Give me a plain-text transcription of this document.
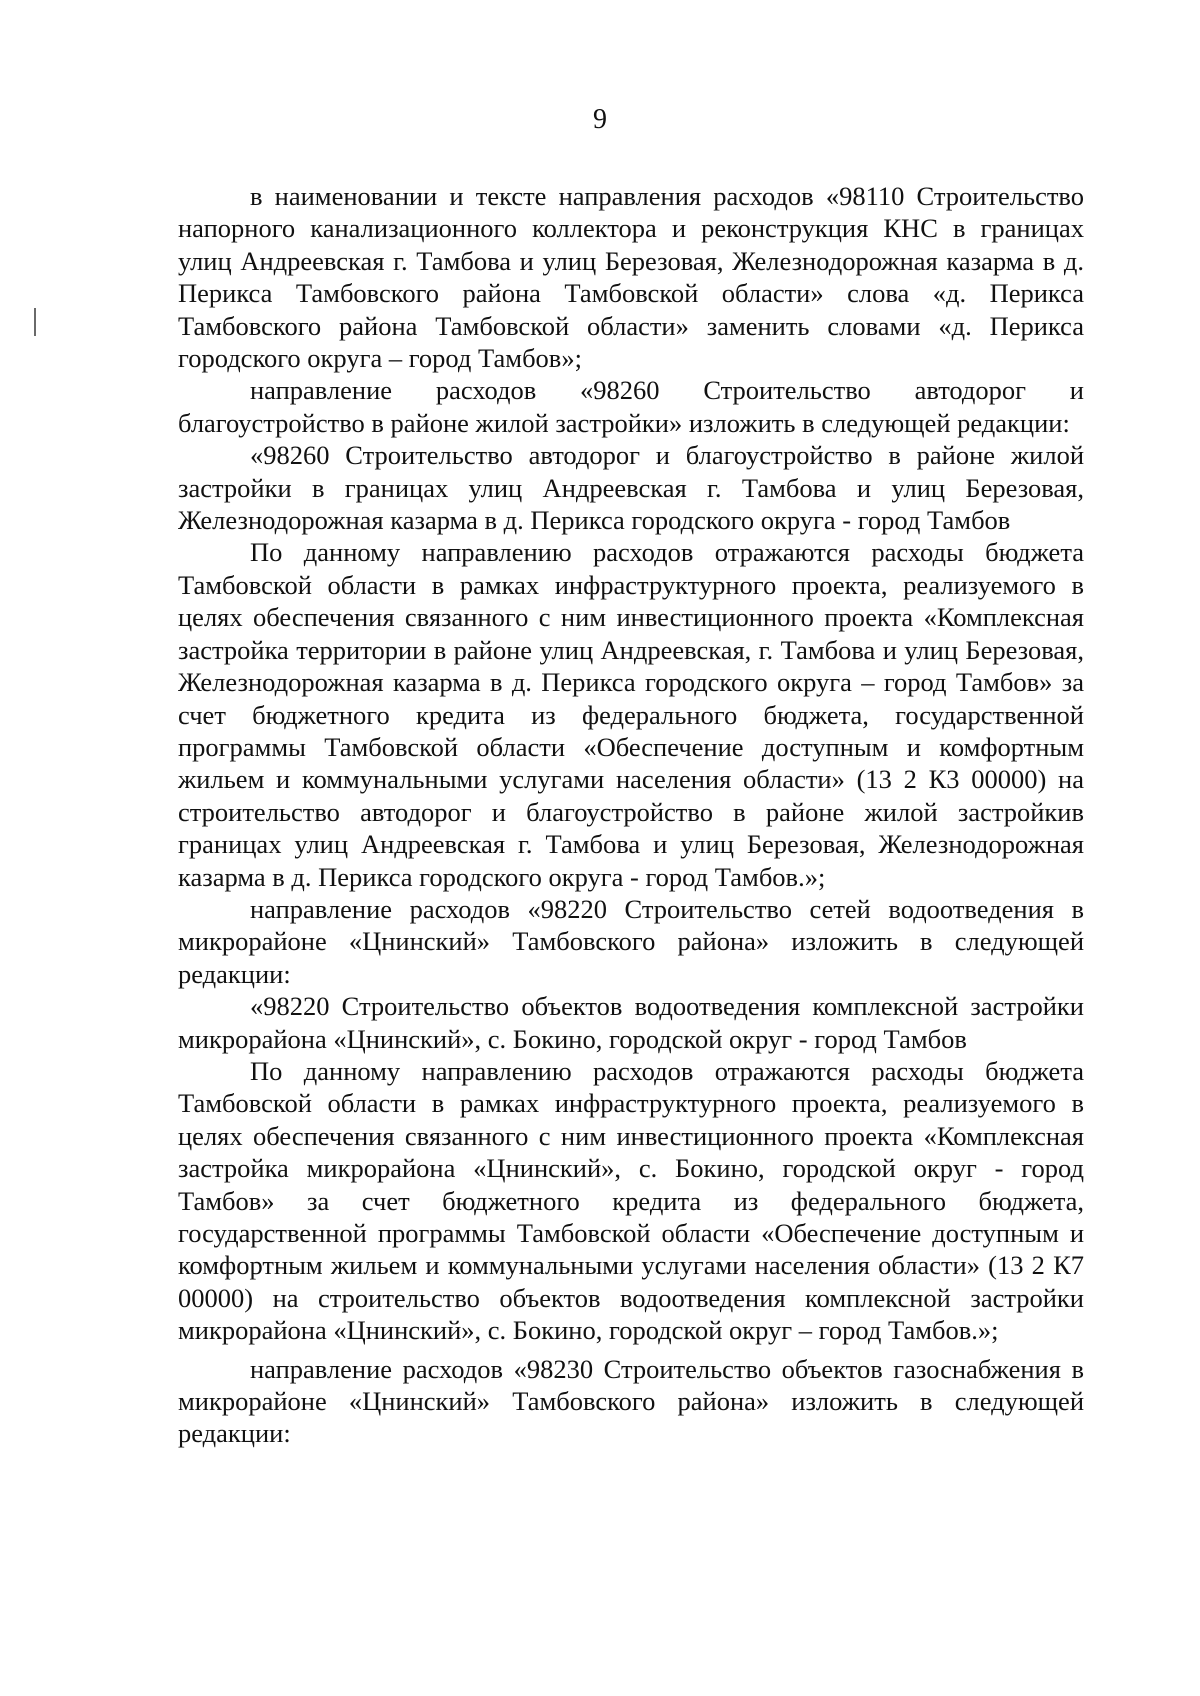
9

в наименовании и тексте направления расходов «98110 Строительство напорного канализационного коллектора и реконструкция КНС в границах улиц Андреевская г. Тамбова и улиц Березовая, Железнодорожная казарма в д. Перикса Тамбовского района Тамбовской области» слова «д. Перикса Тамбовского района Тамбовской области» заменить словами «д. Перикса городского округа – город Тамбов»;

направление расходов «98260 Строительство автодорог и благоустройство в районе жилой застройки» изложить в следующей редакции:

«98260 Строительство автодорог и благоустройство в районе жилой застройки в границах улиц Андреевская г. Тамбова и улиц Березовая, Железнодорожная казарма в д. Перикса городского округа - город Тамбов

По данному направлению расходов отражаются расходы бюджета Тамбовской области в рамках инфраструктурного проекта, реализуемого в целях обеспечения связанного с ним инвестиционного проекта «Комплексная застройка территории в районе улиц Андреевская, г. Тамбова и улиц Березовая, Железнодорожная казарма в д. Перикса городского округа – город Тамбов» за счет бюджетного кредита из федерального бюджета, государственной программы Тамбовской области «Обеспечение доступным и комфортным жильем и коммунальными услугами населения области» (13 2 К3 00000) на строительство автодорог и благоустройство в районе жилой застройкив границах улиц Андреевская г. Тамбова и улиц Березовая, Железнодорожная казарма в д. Перикса городского округа - город Тамбов.»;

направление расходов «98220 Строительство сетей водоотведения в микрорайоне «Цнинский» Тамбовского района» изложить в следующей редакции:

«98220 Строительство объектов водоотведения комплексной застройки микрорайона «Цнинский», с. Бокино, городской округ - город Тамбов

По данному направлению расходов отражаются расходы бюджета Тамбовской области в рамках инфраструктурного проекта, реализуемого в целях обеспечения связанного с ним инвестиционного проекта «Комплексная застройка микрорайона «Цнинский», с. Бокино, городской округ - город Тамбов» за счет бюджетного кредита из федерального бюджета, государственной программы Тамбовской области «Обеспечение доступным и комфортным жильем и коммунальными услугами населения области» (13 2 К7 00000) на строительство объектов водоотведения комплексной застройки микрорайона «Цнинский», с. Бокино, городской округ – город Тамбов.»;

направление расходов «98230 Строительство объектов газоснабжения в микрорайоне «Цнинский» Тамбовского района» изложить в следующей редакции:
